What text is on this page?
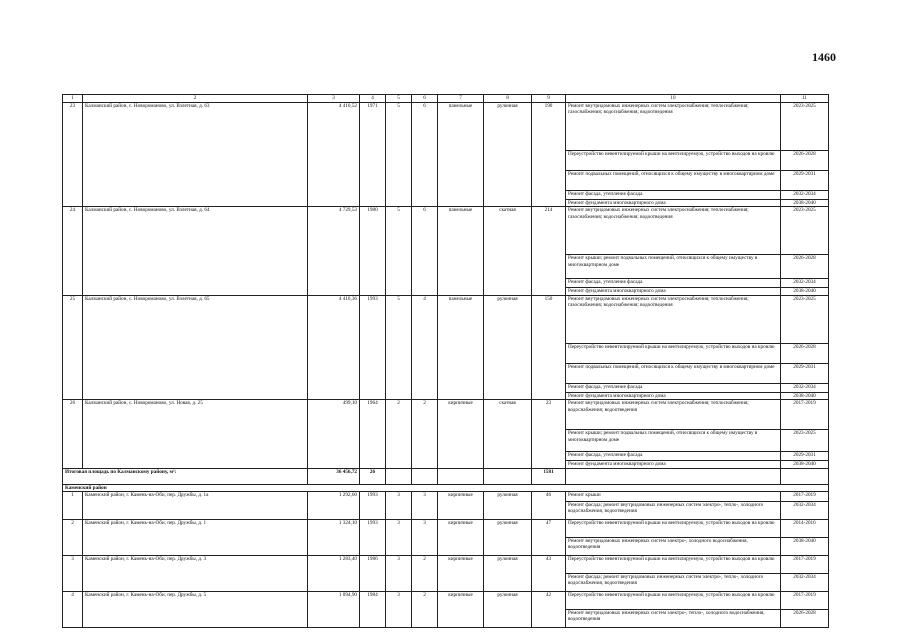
1460
1	2	3	4	5	6	7	8	9	10	11
23	Калманский район, с. Новороманово, ул. Взлетная, д. 63	4 410,52	1971	5	6	панельные	рулонная	190	Ремонт внутридомовых инженерных систем электроснабжения; теплоснабжения; газоснабжения; водоснабжения; водоотведения	2023-2025
									Переустройство невентилируемой крыши на вентилируемую, устройство выходов на кровлю	2026-2028
									Ремонт подвальных помещений, относящихся к общему имуществу в многоквартирном доме	2029-2031
									Ремонт фасада, утепление фасада	2032-2034
									Ремонт фундамента многоквартирного дома	2038-2040
24	Калманский район, с. Новороманово, ул. Взлетная, д. 64	4 729,53	1980	5	6	панельные	скатная	214	Ремонт внутридомовых инженерных систем электроснабжения; теплоснабжения; газоснабжения; водоснабжения; водоотведения	2023-2025
									Ремонт крыши; ремонт подвальных помещений, относящихся к общему имуществу в многоквартирном доме	2026-2028
									Ремонт фасада, утепление фасада	2032-2034
									Ремонт фундамента многоквартирного дома	2038-2040
25	Калманский район, с. Новороманово, ул. Взлетная, д. 65	4 410,36	1993	5	4	панельные	рулонная	150	Ремонт внутридомовых инженерных систем электроснабжения; теплоснабжения; газоснабжения; водоснабжения; водоотведения	2023-2025
									Переустройство невентилируемой крыши на вентилируемую, устройство выходов на кровлю	2026-2028
									Ремонт подвальных помещений, относящихся к общему имуществу в многоквартирном доме	2029-2031
									Ремонт фасада, утепление фасада	2032-2034
									Ремонт фундамента многоквартирного дома	2038-2040
26	Калманский район, с. Новороманово, ул. Новая, д. 25	499,10	1964	2	2	кирпичные	скатная	23	Ремонт внутридомовых инженерных систем электроснабжения; теплоснабжения; водоснабжения; водоотведения	2017-2019
									Ремонт крыши; ремонт подвальных помещений, относящихся к общему имуществу в многоквартирном доме	2023-2025
									Ремонт фасада, утепление фасада	2029-2031
									Ремонт фундамента многоквартирного дома	2038-2040
Итоговая площадь по Калманскому району, м²:		36 456,72	26					1581		
Каменский район										
1	Каменский район, г. Камень-на-Оби, пер. Дружбы, д. 1а	1 292,60	1993	3	3	кирпичные	рулонная	46	Ремонт крыши	2017-2019
									Ремонт фасада; ремонт внутридомовых инженерных систем электро-, тепло-, холодного водоснабжения, водоотведения	2032-2034
2	Каменский район, г. Камень-на-Оби, пер. Дружбы, д. 1	1 324,10	1993	3	3	кирпичные	рулонная	47	Переустройство невентилируемой крыши на вентилируемую, устройство выходов на кровлю	2014-2016
									Ремонт внутридомовых инженерных систем электро-, холодного водоснабжения, водоотведения	2038-2040
3	Каменский район, г. Камень-на-Оби, пер. Дружбы, д. 3	1 283,40	1986	3	2	кирпичные	рулонная	43	Переустройство невентилируемой крыши на вентилируемую, устройство выходов на кровлю	2017-2019
									Ремонт фасада; ремонт внутридомовых инженерных систем электро-, тепло-, холодного водоснабжения, водоотведения	2032-2034
4	Каменский район, г. Камень-на-Оби, пер. Дружбы, д. 5	1 094,90	1984	3	2	кирпичные	рулонная	42	Переустройство невентилируемой крыши на вентилируемую, устройство выходов на кровлю	2017-2019
									Ремонт внутридомовых инженерных систем электро-, тепло-, холодного водоснабжения, водоотведения	2026-2028
